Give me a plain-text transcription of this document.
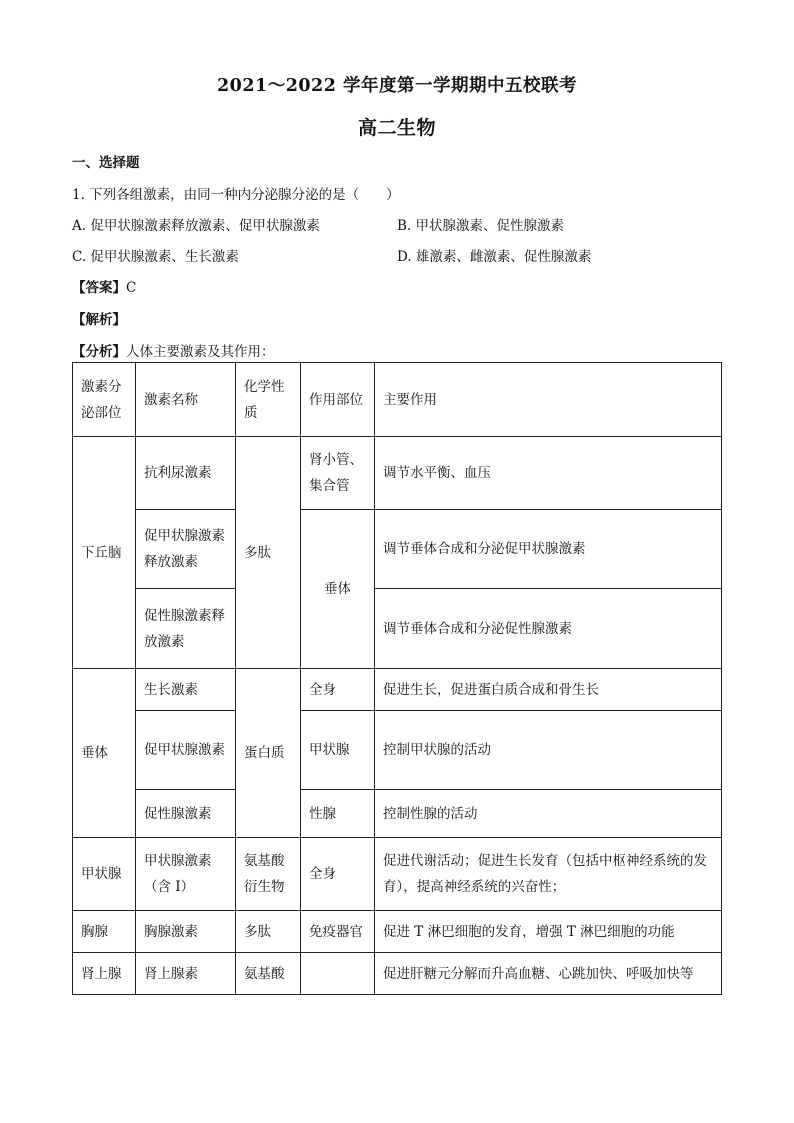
2021～2022 学年度第一学期期中五校联考
高二生物
一、选择题
1. 下列各组激素，由同一种内分泌腺分泌的是（　　）
A. 促甲状腺激素释放激素、促甲状腺激素	B. 甲状腺激素、促性腺激素
C. 促甲状腺激素、生长激素	D. 雄激素、雌激素、促性腺激素
【答案】C
【解析】
【分析】人体主要激素及其作用：
激素分泌部位	激素名称	化学性质	作用部位	主要作用
下丘脑	抗利尿激素	多肽	肾小管、集合管	调节水平衡、血压
	促甲状腺激素释放激素		垂体	调节垂体合成和分泌促甲状腺激素
	促性腺激素释放激素			调节垂体合成和分泌促性腺激素
垂体	生长激素	蛋白质	全身	促进生长，促进蛋白质合成和骨生长
	促甲状腺激素		甲状腺	控制甲状腺的活动
	促性腺激素		性腺	控制性腺的活动
甲状腺	甲状腺激素（含 I）	氨基酸衍生物	全身	促进代谢活动；促进生长发育（包括中枢神经系统的发育），提高神经系统的兴奋性；
胸腺	胸腺激素	多肽	免疫器官	促进 T 淋巴细胞的发育，增强 T 淋巴细胞的功能
肾上腺	肾上腺素	氨基酸		促进肝糖元分解而升高血糖、心跳加快、呼吸加快等
